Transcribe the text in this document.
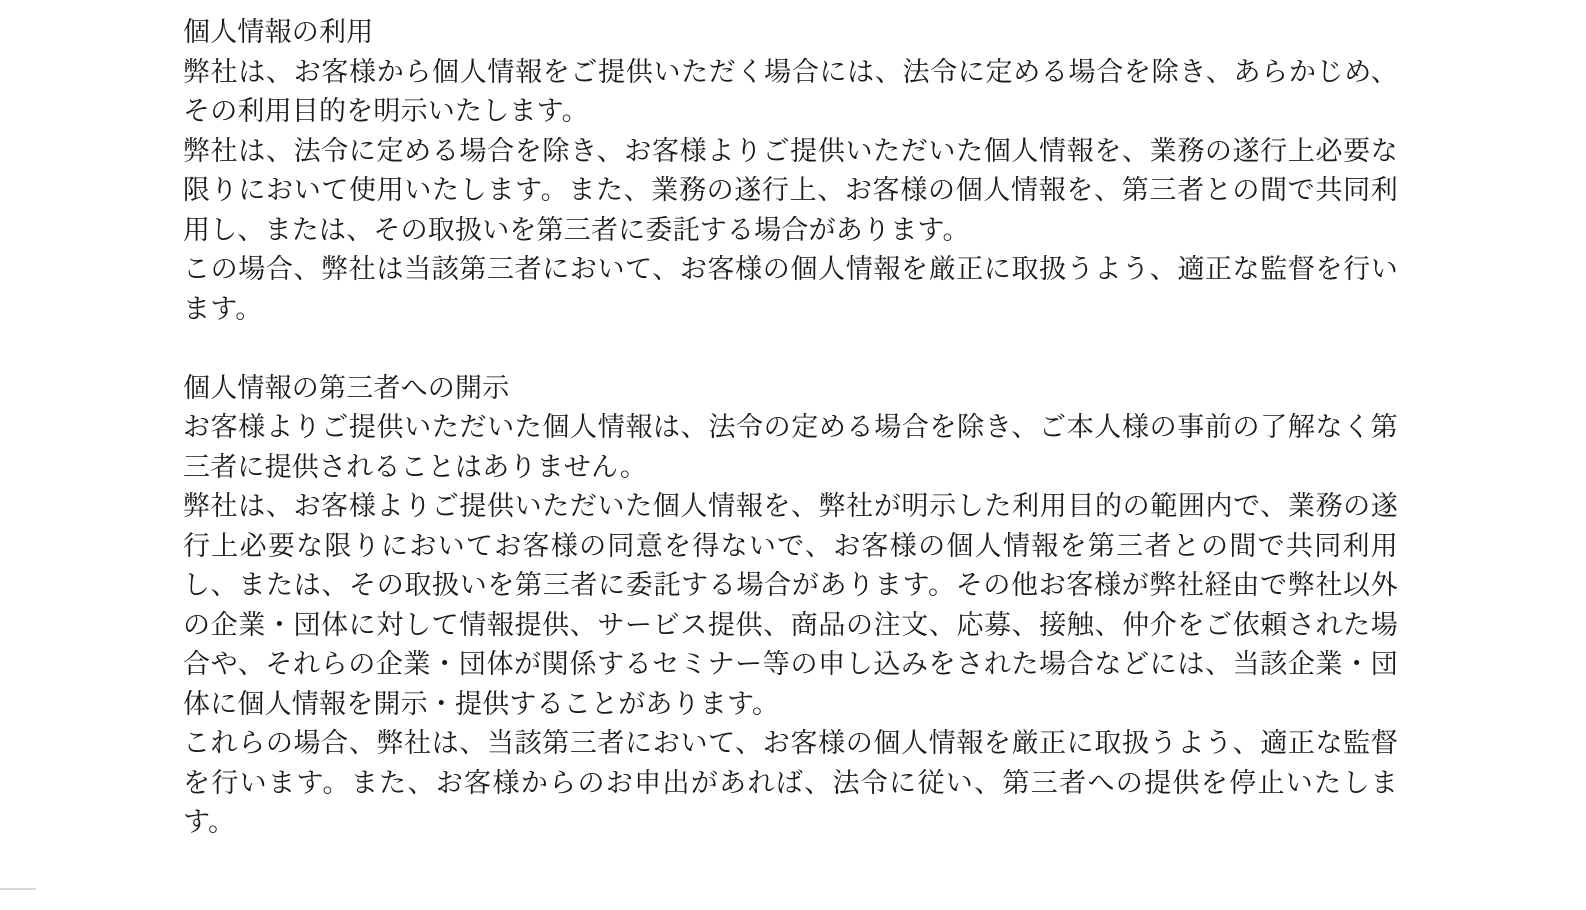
個人情報の利用

弊社は、お客様から個人情報をご提供いただく場合には、法令に定める場合を除き、あらかじめ、その利用目的を明示いたします。

弊社は、法令に定める場合を除き、お客様よりご提供いただいた個人情報を、業務の遂行上必要な限りにおいて使用いたします。また、業務の遂行上、お客様の個人情報を、第三者との間で共同利用し、または、その取扱いを第三者に委託する場合があります。

この場合、弊社は当該第三者において、お客様の個人情報を厳正に取扱うよう、適正な監督を行います。

個人情報の第三者への開示

お客様よりご提供いただいた個人情報は、法令の定める場合を除き、ご本人様の事前の了解なく第三者に提供されることはありません。

弊社は、お客様よりご提供いただいた個人情報を、弊社が明示した利用目的の範囲内で、業務の遂行上必要な限りにおいてお客様の同意を得ないで、お客様の個人情報を第三者との間で共同利用し、または、その取扱いを第三者に委託する場合があります。その他お客様が弊社経由で弊社以外の企業・団体に対して情報提供、サービス提供、商品の注文、応募、接触、仲介をご依頼された場合や、それらの企業・団体が関係するセミナー等の申し込みをされた場合などには、当該企業・団体に個人情報を開示・提供することがあります。

これらの場合、弊社は、当該第三者において、お客様の個人情報を厳正に取扱うよう、適正な監督を行います。また、お客様からのお申出があれば、法令に従い、第三者への提供を停止いたします。
